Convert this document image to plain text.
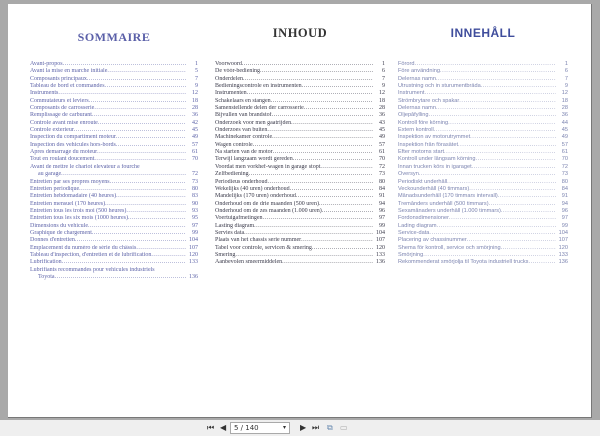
SOMMAIRE	INHOUD	INNEHÅLL
Avant-propos . . .	1
Avant la mise en marche initiale . . .	5
Composants principaux . . .	7
Tableau de bord et commandes . . .	9
Instruments . . .	12
Commutateurs et leviers . . .	18
Composants de carrosserie . . .	28
Remplissage de carburant . . .	36
Controle avant mise enroute . . .	42
Controle exterieur . . .	45
Inspection du compartiment moteur . . .	49
Inspection des vehicules hors-bords . . .	57
Apres demarrage du moteur . . .	61
Tout en roulant doucement . . .	70
Avant de mettre le chariot elevateur a fourche
au garage . . .	72
Entretien par ses propres moyens . . .	73
Entretien periodique . . .	80
Entretien hebdomadaire (40 heures) . . .	83
Entretien mensuel (170 heures) . . .	90
Entretien tous les trois moi (500 heures) . . .	93
Entretien tous les six mois (1000 heures) . . .	95
Dimensions du vehicule . . .	97
Graphique de chargement . . .	99
Donnes d'entretien . . .	104
Emplacement du numéro de série du châssis . . .	107
Tableau d'inspection, d'entretien et de lubrification . . .	120
Lubrification . . .	133
Lubrifiants recommandes pour vehicules industriels
Toyota . . .	136
Voorwoord . . .	1
De vóór-bediening . . .	6
Onderdelen . . .	7
Bedieningscontrole en instrumenten . . .	9
Instrumenten . . .	12
Schakelaars en stangen . . .	18
Samenstellende delen der carrosserie . . .	28
Bijvullen van brandstof . . .	36
Onderzoek voor men gaatrijden . . .	43
Onderzoes van buiten . . .	45
Machinekamer controle . . .	49
Wagen controle . . .	57
Na starten van de motor . . .	61
Terwijl langzaam wordt gereden . . .	70
Voordat men vorkhef-wagen in garage stopt . . .	72
Zelfbediening . . .	73
Periodieus onderhoud . . .	80
Wekelijks (40 uren) onderhoud . . .	84
Mandelijks (170 uren) onderhoud . . .	91
Onderhoud om de drie maanden (500 uren) . . .	94
Onderhoud om de zes maanden (1.000 uren) . . .	96
Voertuigafmetingen . . .	97
Lasting diagram . . .	99
Servies data . . .	104
Plaats van het chassis serie nummer . . .	107
Tabel voor controle, servicen & smering . . .	120
Smering . . .	133
Aanbevolen smeermiddelen . . .	136
Förord . . .	1
Före användning . . .	6
Delernas namn . . .	7
Utrustning och in sturumentbräda . . .	9
Instrument . . .	12
Strömbrytare och spakar . . .	18
Delernas namn . . .	28
Oljepåfylling . . .	36
Kontroll före körning . . .	44
Extern kontroll . . .	45
Inspektion av motorutrymmet . . .	49
Inspektion från förasätet . . .	57
Efter motorns start . . .	61
Kontroll under långsam körning . . .	70
Innan trucken körs in igaraget . . .	72
Översyn . . .	73
Periodiskt underhåll . . .	80
Veckounderhåll (40 timmars) . . .	84
Månadsunderhåll (170 timmars intervall) . . .	91
Tremånders underhåll (500 timmars) . . .	94
Sexamånaders underhåll (1.000 timmars) . . .	96
Fordonsdimensioner . . .	97
Lading diagram . . .	99
Service-data . . .	104
Placering av chassinummer . . .	107
Shema för kontroll, service och smörjning . . .	120
Smörjning . . .	133
Rekommenderat smörjolja til Toyota industriell trucks . . .	136
⏮ ◀	5 / 140	▾ ▶ ⏭ ⧉ ▭
